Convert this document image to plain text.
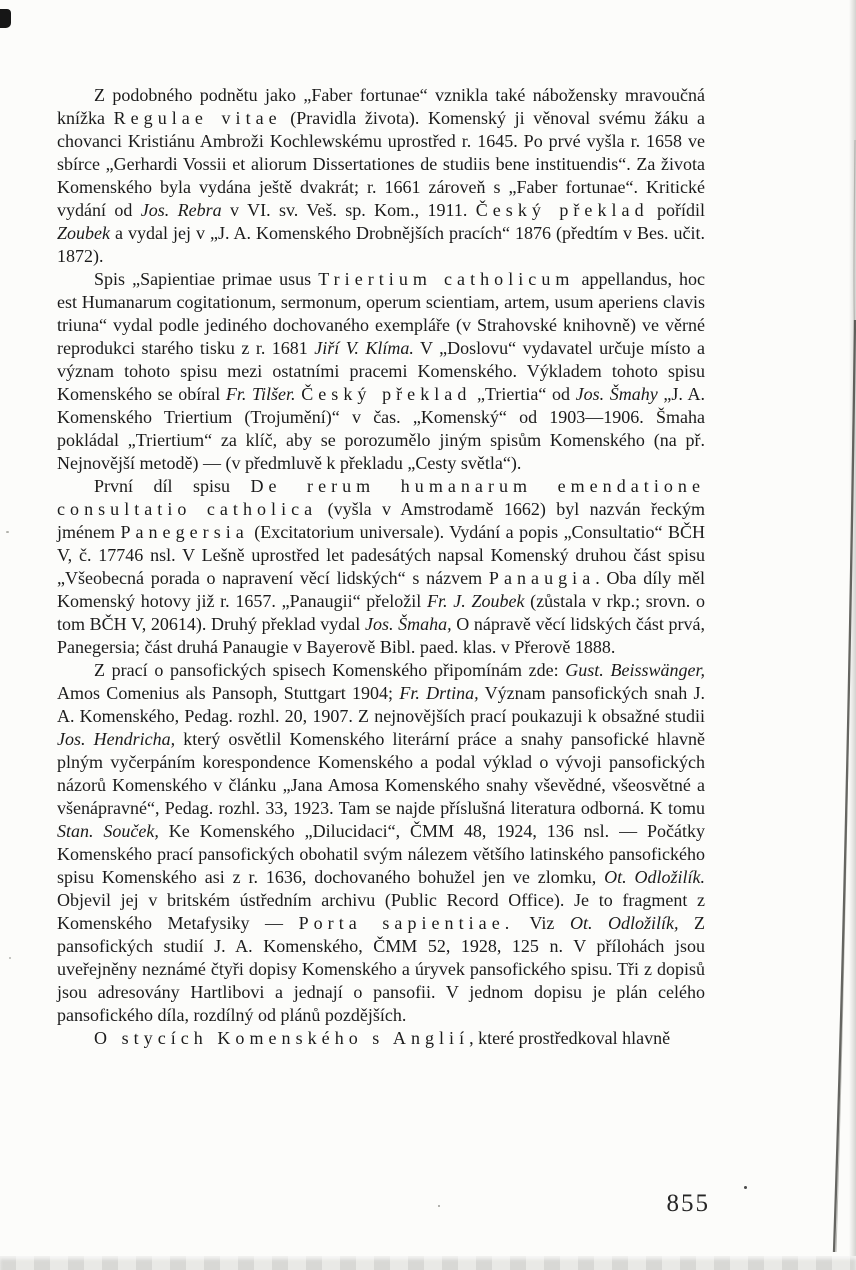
Z podobného podnětu jako „Faber fortunae“ vznikla také nábožensky mravoučná knížka Regulae vitae (Pravidla života). Komenský ji věnoval svému žáku a chovanci Kristiánu Ambroži Kochlewskému uprostřed r. 1645. Po prvé vyšla r. 1658 ve sbírce „Gerhardi Vossii et aliorum Dissertationes de studiis bene instituendis“. Za života Komenského byla vydána ještě dvakrát; r. 1661 zároveň s „Faber fortunae“. Kritické vydání od Jos. Rebra v VI. sv. Veš. sp. Kom., 1911. Český překlad pořídil Zoubek a vydal jej v „J. A. Komenského Drobnějších pracích“ 1876 (předtím v Bes. učit. 1872).

Spis „Sapientiae primae usus Triertium catholicum appellandus, hoc est Humanarum cogitationum, sermonum, operum scientiam, artem, usum aperiens clavis triuna“ vydal podle jediného dochovaného exempláře (v Strahovské knihovně) ve věrné reprodukci starého tisku z r. 1681 Jiří V. Klíma. V „Doslovu“ vydavatel určuje místo a význam tohoto spisu mezi ostatními pracemi Komenského. Výkladem tohoto spisu Komenského se obíral Fr. Tilšer. Český překlad „Triertia“ od Jos. Šmahy „J. A. Komenského Triertium (Trojumění)“ v čas. „Komenský“ od 1903—1906. Šmaha pokládal „Triertium“ za klíč, aby se porozumělo jiným spisům Komenského (na př. Nejnovější metodě) — (v předmluvě k překladu „Cesty světla“).

První díl spisu De rerum humanarum emendatione consultatio catholica (vyšla v Amstrodamě 1662) byl nazván řeckým jménem Panegersia (Excitatorium universale). Vydání a popis „Consultatio“ BČH V, č. 17746 nsl. V Lešně uprostřed let padesátých napsal Komenský druhou část spisu „Všeobecná porada o napravení věcí lidských“ s názvem Panaugia. Oba díly měl Komenský hotovy již r. 1657. „Panaugii“ přeložil Fr. J. Zoubek (zůstala v rkp.; srovn. o tom BČH V, 20614). Druhý překlad vydal Jos. Šmaha, O nápravě věcí lidských část prvá, Panegersia; část druhá Panaugie v Bayerově Bibl. paed. klas. v Přerově 1888.

Z prací o pansofických spisech Komenského připomínám zde: Gust. Beisswänger, Amos Comenius als Pansoph, Stuttgart 1904; Fr. Drtina, Význam pansofických snah J. A. Komenského, Pedag. rozhl. 20, 1907. Z nejnovějších prací poukazuji k obsažné studii Jos. Hendricha, který osvětlil Komenského literární práce a snahy pansofické hlavně plným vyčerpáním korespondence Komenského a podal výklad o vývoji pansofických názorů Komenského v článku „Jana Amosa Komenského snahy vševědné, všeosvětné a všenápravné“, Pedag. rozhl. 33, 1923. Tam se najde příslušná literatura odborná. K tomu Stan. Souček, Ke Komenského „Dilucidaci“, ČMM 48, 1924, 136 nsl. — Počátky Komenského prací pansofických obohatil svým nálezem většího latinského pansofického spisu Komenského asi z r. 1636, dochovaného bohužel jen ve zlomku, Ot. Odložilík. Objevil jej v britském ústředním archivu (Public Record Office). Je to fragment z Komenského Metafysiky — Porta sapientiae. Viz Ot. Odložilík, Z pansofických studií J. A. Komenského, ČMM 52, 1928, 125 n. V přílohách jsou uveřejněny neznámé čtyři dopisy Komenského a úryvek pansofického spisu. Tři z dopisů jsou adresovány Hartlibovi a jednají o pansofii. V jednom dopisu je plán celého pansofického díla, rozdílný od plánů pozdějších.

O stycích Komenského s Anglií, které prostředkoval hlavně

855
